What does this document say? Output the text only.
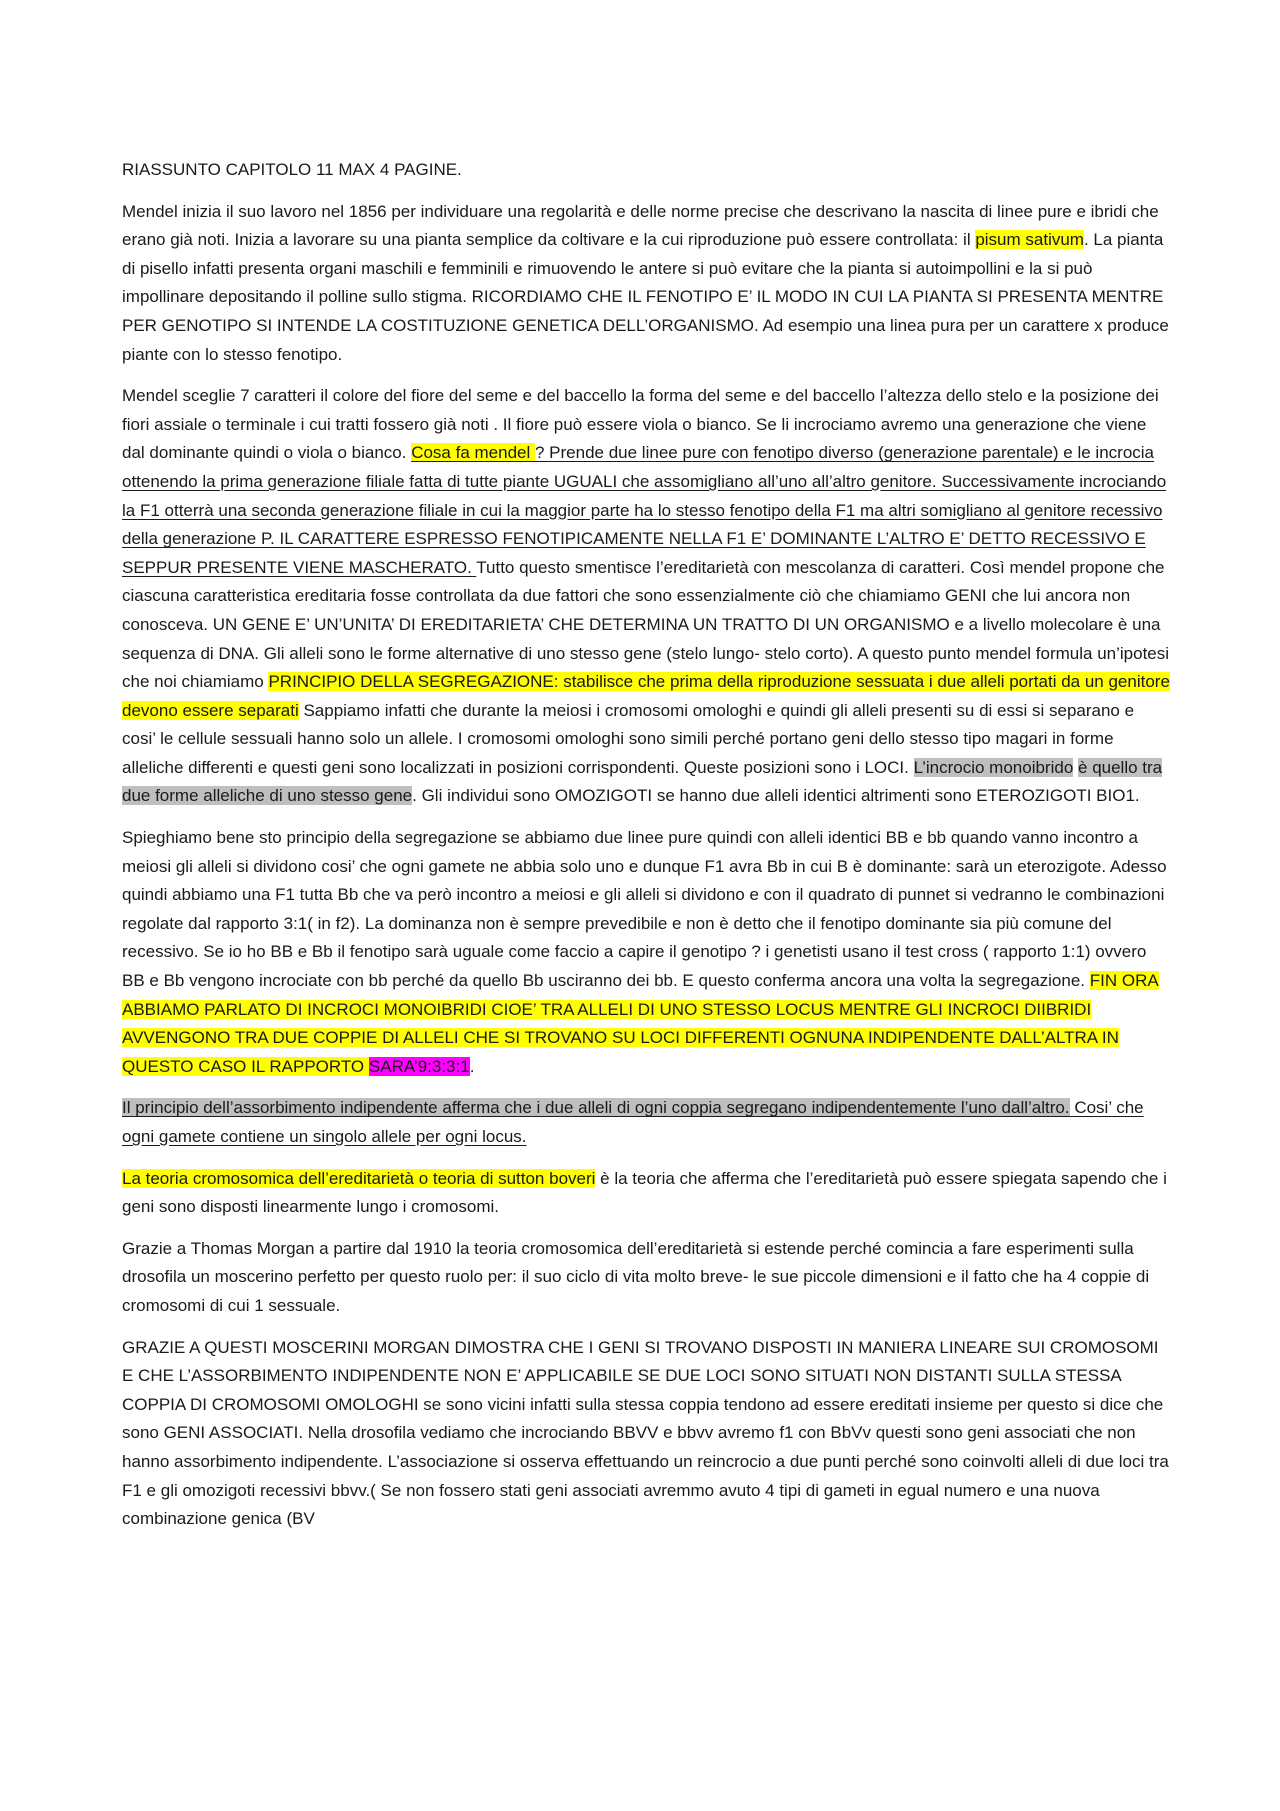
RIASSUNTO CAPITOLO 11 MAX 4 PAGINE.

Mendel inizia il suo lavoro nel 1856 per individuare una regolarità e delle norme precise che descrivano la nascita di linee pure e ibridi che erano già noti. Inizia a lavorare su una pianta semplice da coltivare e la cui riproduzione può essere controllata: il pisum sativum. La pianta di pisello infatti presenta organi maschili e femminili e rimuovendo le antere si può evitare che la pianta si autoimpollini e la si può impollinare depositando il polline sullo stigma. RICORDIAMO CHE IL FENOTIPO E’ IL MODO IN CUI LA PIANTA SI PRESENTA MENTRE PER GENOTIPO SI INTENDE LA COSTITUZIONE GENETICA DELL’ORGANISMO. Ad esempio una linea pura per un carattere x produce piante con lo stesso fenotipo.

Mendel sceglie 7 caratteri il colore del fiore del seme e del baccello la forma del seme e del baccello l’altezza dello stelo e la posizione dei fiori assiale o terminale i cui tratti fossero già noti . Il fiore può essere viola o bianco. Se li incrociamo avremo una generazione che viene dal dominante quindi o viola o bianco. Cosa fa mendel ? Prende due linee pure con fenotipo diverso (generazione parentale) e le incrocia ottenendo la prima generazione filiale fatta di tutte piante UGUALI che assomigliano all’uno all’altro genitore. Successivamente incrociando la F1 otterrà una seconda generazione filiale in cui la maggior parte ha lo stesso fenotipo della F1 ma altri somigliano al genitore recessivo della generazione P. IL CARATTERE ESPRESSO FENOTIPICAMENTE NELLA F1 E’ DOMINANTE L’ALTRO E’ DETTO RECESSIVO E SEPPUR PRESENTE VIENE MASCHERATO. Tutto questo smentisce l’ereditarietà con mescolanza di caratteri. Così mendel propone che ciascuna caratteristica ereditaria fosse controllata da due fattori che sono essenzialmente ciò che chiamiamo GENI che lui ancora non conosceva. UN GENE E’ UN’UNITA’ DI EREDITARIETA’ CHE DETERMINA UN TRATTO DI UN ORGANISMO e a livello molecolare è una sequenza di DNA. Gli alleli sono le forme alternative di uno stesso gene (stelo lungo- stelo corto). A questo punto mendel formula un’ipotesi che noi chiamiamo PRINCIPIO DELLA SEGREGAZIONE: stabilisce che prima della riproduzione sessuata i due alleli portati da un genitore devono essere separati Sappiamo infatti che durante la meiosi i cromosomi omologhi e quindi gli alleli presenti su di essi si separano e cosi’ le cellule sessuali hanno solo un allele. I cromosomi omologhi sono simili perché portano geni dello stesso tipo magari in forme alleliche differenti e questi geni sono localizzati in posizioni corrispondenti. Queste posizioni sono i LOCI. L’incrocio monoibrido è quello tra due forme alleliche di uno stesso gene. Gli individui sono OMOZIGOTI se hanno due alleli identici altrimenti sono ETEROZIGOTI BIO1.

Spieghiamo bene sto principio della segregazione se abbiamo due linee pure quindi con alleli identici BB e bb quando vanno incontro a meiosi gli alleli si dividono cosi’ che ogni gamete ne abbia solo uno e dunque F1 avra Bb in cui B è dominante: sarà un eterozigote. Adesso quindi abbiamo una F1 tutta Bb che va però incontro a meiosi e gli alleli si dividono e con il quadrato di punnet si vedranno le combinazioni regolate dal rapporto 3:1( in f2). La dominanza non è sempre prevedibile e non è detto che il fenotipo dominante sia più comune del recessivo. Se io ho BB e Bb il fenotipo sarà uguale come faccio a capire il genotipo ? i genetisti usano il test cross ( rapporto 1:1) ovvero BB e Bb vengono incrociate con bb perché da quello Bb usciranno dei bb. E questo conferma ancora una volta la segregazione. FIN ORA ABBIAMO PARLATO DI INCROCI MONOIBRIDI CIOE’ TRA ALLELI DI UNO STESSO LOCUS MENTRE GLI INCROCI DIIBRIDI AVVENGONO TRA DUE COPPIE DI ALLELI CHE SI TROVANO SU LOCI DIFFERENTI OGNUNA INDIPENDENTE DALL’ALTRA IN QUESTO CASO IL RAPPORTO SARA’9:3:3:1.

Il principio dell’assorbimento indipendente afferma che i due alleli di ogni coppia segregano indipendentemente l’uno dall’altro. Cosi’ che ogni gamete contiene un singolo allele per ogni locus.

La teoria cromosomica dell’ereditarietà o teoria di sutton boveri è la teoria che afferma che l’ereditarietà può essere spiegata sapendo che i geni sono disposti linearmente lungo i cromosomi.

Grazie a Thomas Morgan a partire dal 1910 la teoria cromosomica dell’ereditarietà si estende perché comincia a fare esperimenti sulla drosofila un moscerino perfetto per questo ruolo per: il suo ciclo di vita molto breve- le sue piccole dimensioni e il fatto che ha 4 coppie di cromosomi di cui 1 sessuale.

GRAZIE A QUESTI MOSCERINI MORGAN DIMOSTRA CHE I GENI SI TROVANO DISPOSTI IN MANIERA LINEARE SUI CROMOSOMI E CHE L’ASSORBIMENTO INDIPENDENTE NON E’ APPLICABILE SE DUE LOCI SONO SITUATI NON DISTANTI SULLA STESSA COPPIA DI CROMOSOMI OMOLOGHI se sono vicini infatti sulla stessa coppia tendono ad essere ereditati insieme per questo si dice che sono GENI ASSOCIATI. Nella drosofila vediamo che incrociando BBVV e bbvv avremo f1 con BbVv questi sono geni associati che non hanno assorbimento indipendente. L’associazione si osserva effettuando un reincrocio a due punti perché sono coinvolti alleli di due loci tra F1 e gli omozigoti recessivi bbvv.( Se non fossero stati geni associati avremmo avuto 4 tipi di gameti in egual numero e una nuova combinazione genica (BV
